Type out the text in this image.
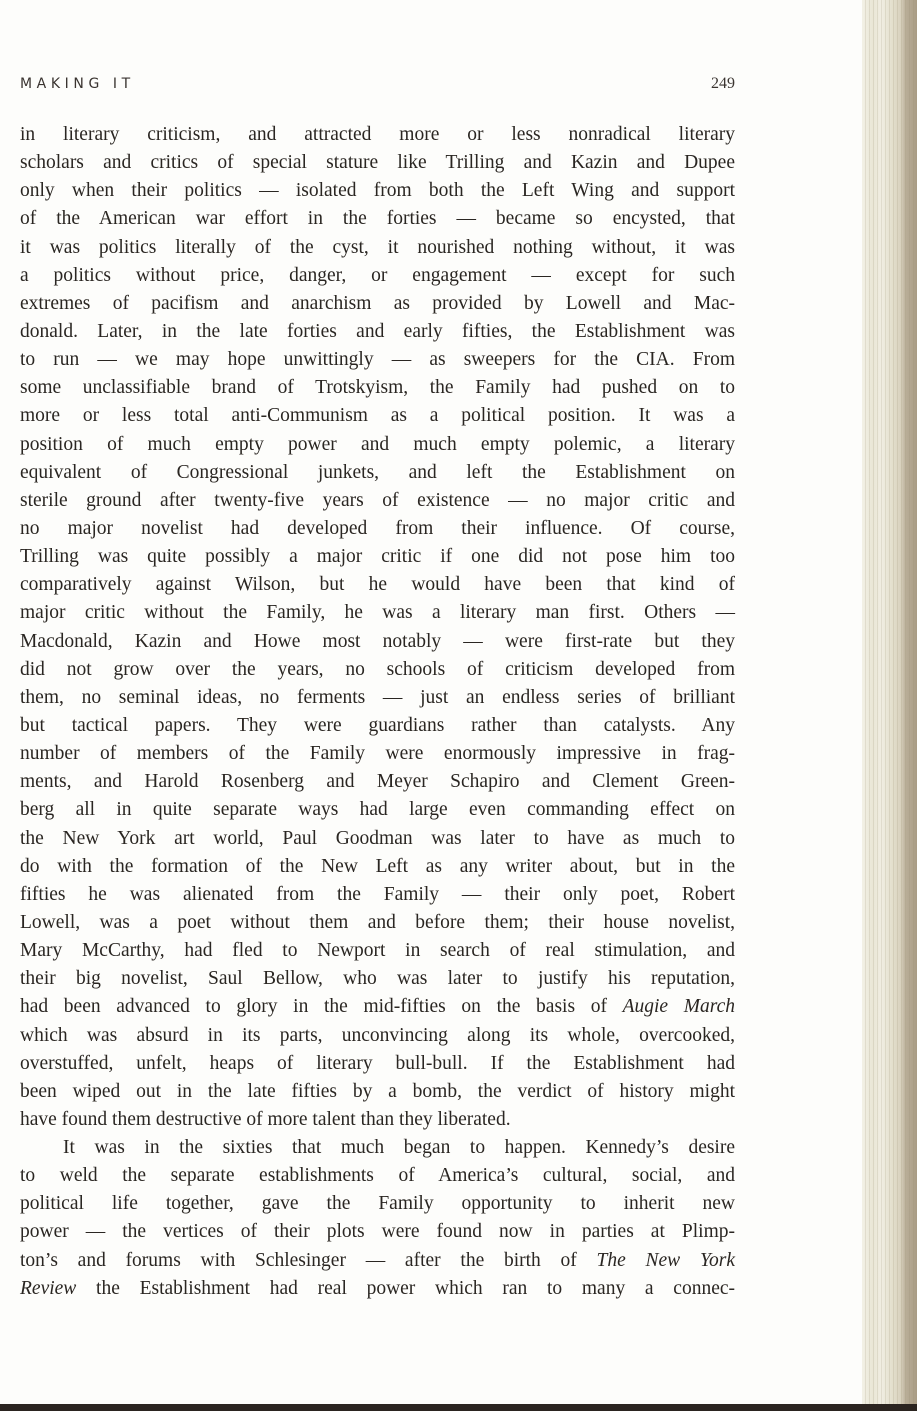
MAKING IT	249
in literary criticism, and attracted more or less nonradical literary
scholars and critics of special stature like Trilling and Kazin and Dupee
only when their politics — isolated from both the Left Wing and support
of the American war effort in the forties — became so encysted, that
it was politics literally of the cyst, it nourished nothing without, it was
a politics without price, danger, or engagement — except for such
extremes of pacifism and anarchism as provided by Lowell and Mac-
donald. Later, in the late forties and early fifties, the Establishment was
to run — we may hope unwittingly — as sweepers for the CIA. From
some unclassifiable brand of Trotskyism, the Family had pushed on to
more or less total anti-Communism as a political position. It was a
position of much empty power and much empty polemic, a literary
equivalent of Congressional junkets, and left the Establishment on
sterile ground after twenty-five years of existence — no major critic and
no major novelist had developed from their influence. Of course,
Trilling was quite possibly a major critic if one did not pose him too
comparatively against Wilson, but he would have been that kind of
major critic without the Family, he was a literary man first. Others —
Macdonald, Kazin and Howe most notably — were first-rate but they
did not grow over the years, no schools of criticism developed from
them, no seminal ideas, no ferments — just an endless series of brilliant
but tactical papers. They were guardians rather than catalysts. Any
number of members of the Family were enormously impressive in frag-
ments, and Harold Rosenberg and Meyer Schapiro and Clement Green-
berg all in quite separate ways had large even commanding effect on
the New York art world, Paul Goodman was later to have as much to
do with the formation of the New Left as any writer about, but in the
fifties he was alienated from the Family — their only poet, Robert
Lowell, was a poet without them and before them; their house novelist,
Mary McCarthy, had fled to Newport in search of real stimulation, and
their big novelist, Saul Bellow, who was later to justify his reputation,
had been advanced to glory in the mid-fifties on the basis of Augie March
which was absurd in its parts, unconvincing along its whole, overcooked,
overstuffed, unfelt, heaps of literary bull-bull. If the Establishment had
been wiped out in the late fifties by a bomb, the verdict of history might
have found them destructive of more talent than they liberated.
It was in the sixties that much began to happen. Kennedy’s desire
to weld the separate establishments of America’s cultural, social, and
political life together, gave the Family opportunity to inherit new
power — the vertices of their plots were found now in parties at Plimp-
ton’s and forums with Schlesinger — after the birth of The New York
Review the Establishment had real power which ran to many a connec-
